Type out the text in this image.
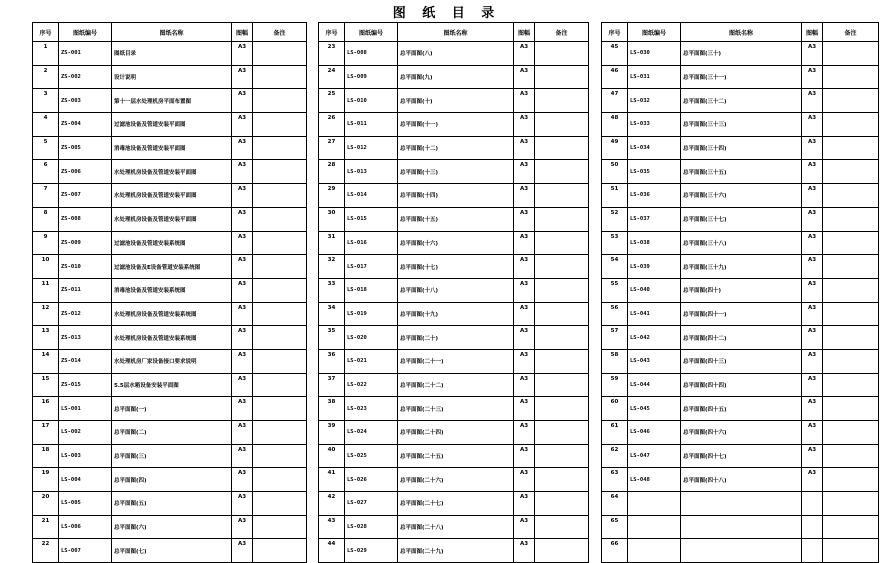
图 纸 目 录
序号	图纸编号	图纸名称	图幅	备注
1	ZS-001	图纸目录	A3	
2	ZS-002	设计说明	A3	
3	ZS-003	第十一层水处理机房平面布置图	A3	
4	ZS-004	过滤池设备及管道安装平面图	A3	
5	ZS-005	消毒池设备及管道安装平面图	A3	
6	ZS-006	水处理机房设备及管道安装平面图	A3	
7	ZS-007	水处理机房设备及管道安装平面图	A3	
8	ZS-008	水处理机房设备及管道安装平面图	A3	
9	ZS-009	过滤池设备及管道安装系统图	A3	
10	ZS-010	过滤池设备及E设备管道安装系统图	A3	
11	ZS-011	消毒池设备及管道安装系统图	A3	
12	ZS-012	水处理机房设备及管道安装系统图	A3	
13	ZS-013	水处理机房设备及管道安装系统图	A3	
14	ZS-014	水处理机房厂家设备接口要求说明	A3	
15	ZS-015	5.5层水箱设备安装平面图	A3	
16	LS-001	总平面图(一)	A3	
17	LS-002	总平面图(二)	A3	
18	LS-003	总平面图(三)	A3	
19	LS-004	总平面图(四)	A3	
20	LS-005	总平面图(五)	A3	
21	LS-006	总平面图(六)	A3	
22	LS-007	总平面图(七)	A3	
序号	图纸编号	图纸名称	图幅	备注
23	LS-008	总平面图(八)	A3	
24	LS-009	总平面图(九)	A3	
25	LS-010	总平面图(十)	A3	
26	LS-011	总平面图(十一)	A3	
27	LS-012	总平面图(十二)	A3	
28	LS-013	总平面图(十三)	A3	
29	LS-014	总平面图(十四)	A3	
30	LS-015	总平面图(十五)	A3	
31	LS-016	总平面图(十六)	A3	
32	LS-017	总平面图(十七)	A3	
33	LS-018	总平面图(十八)	A3	
34	LS-019	总平面图(十九)	A3	
35	LS-020	总平面图(二十)	A3	
36	LS-021	总平面图(二十一)	A3	
37	LS-022	总平面图(二十二)	A3	
38	LS-023	总平面图(二十三)	A3	
39	LS-024	总平面图(二十四)	A3	
40	LS-025	总平面图(二十五)	A3	
41	LS-026	总平面图(二十六)	A3	
42	LS-027	总平面图(二十七)	A3	
43	LS-028	总平面图(二十八)	A3	
44	LS-029	总平面图(二十九)	A3	
序号	图纸编号	图纸名称	图幅	备注
45	LS-030	总平面图(三十)	A3	
46	LS-031	总平面图(三十一)	A3	
47	LS-032	总平面图(三十二)	A3	
48	LS-033	总平面图(三十三)	A3	
49	LS-034	总平面图(三十四)	A3	
50	LS-035	总平面图(三十五)	A3	
51	LS-036	总平面图(三十六)	A3	
52	LS-037	总平面图(三十七)	A3	
53	LS-038	总平面图(三十八)	A3	
54	LS-039	总平面图(三十九)	A3	
55	LS-040	总平面图(四十)	A3	
56	LS-041	总平面图(四十一)	A3	
57	LS-042	总平面图(四十二)	A3	
58	LS-043	总平面图(四十三)	A3	
59	LS-044	总平面图(四十四)	A3	
60	LS-045	总平面图(四十五)	A3	
61	LS-046	总平面图(四十六)	A3	
62	LS-047	总平面图(四十七)	A3	
63	LS-048	总平面图(四十八)	A3	
64				
65				
66				
